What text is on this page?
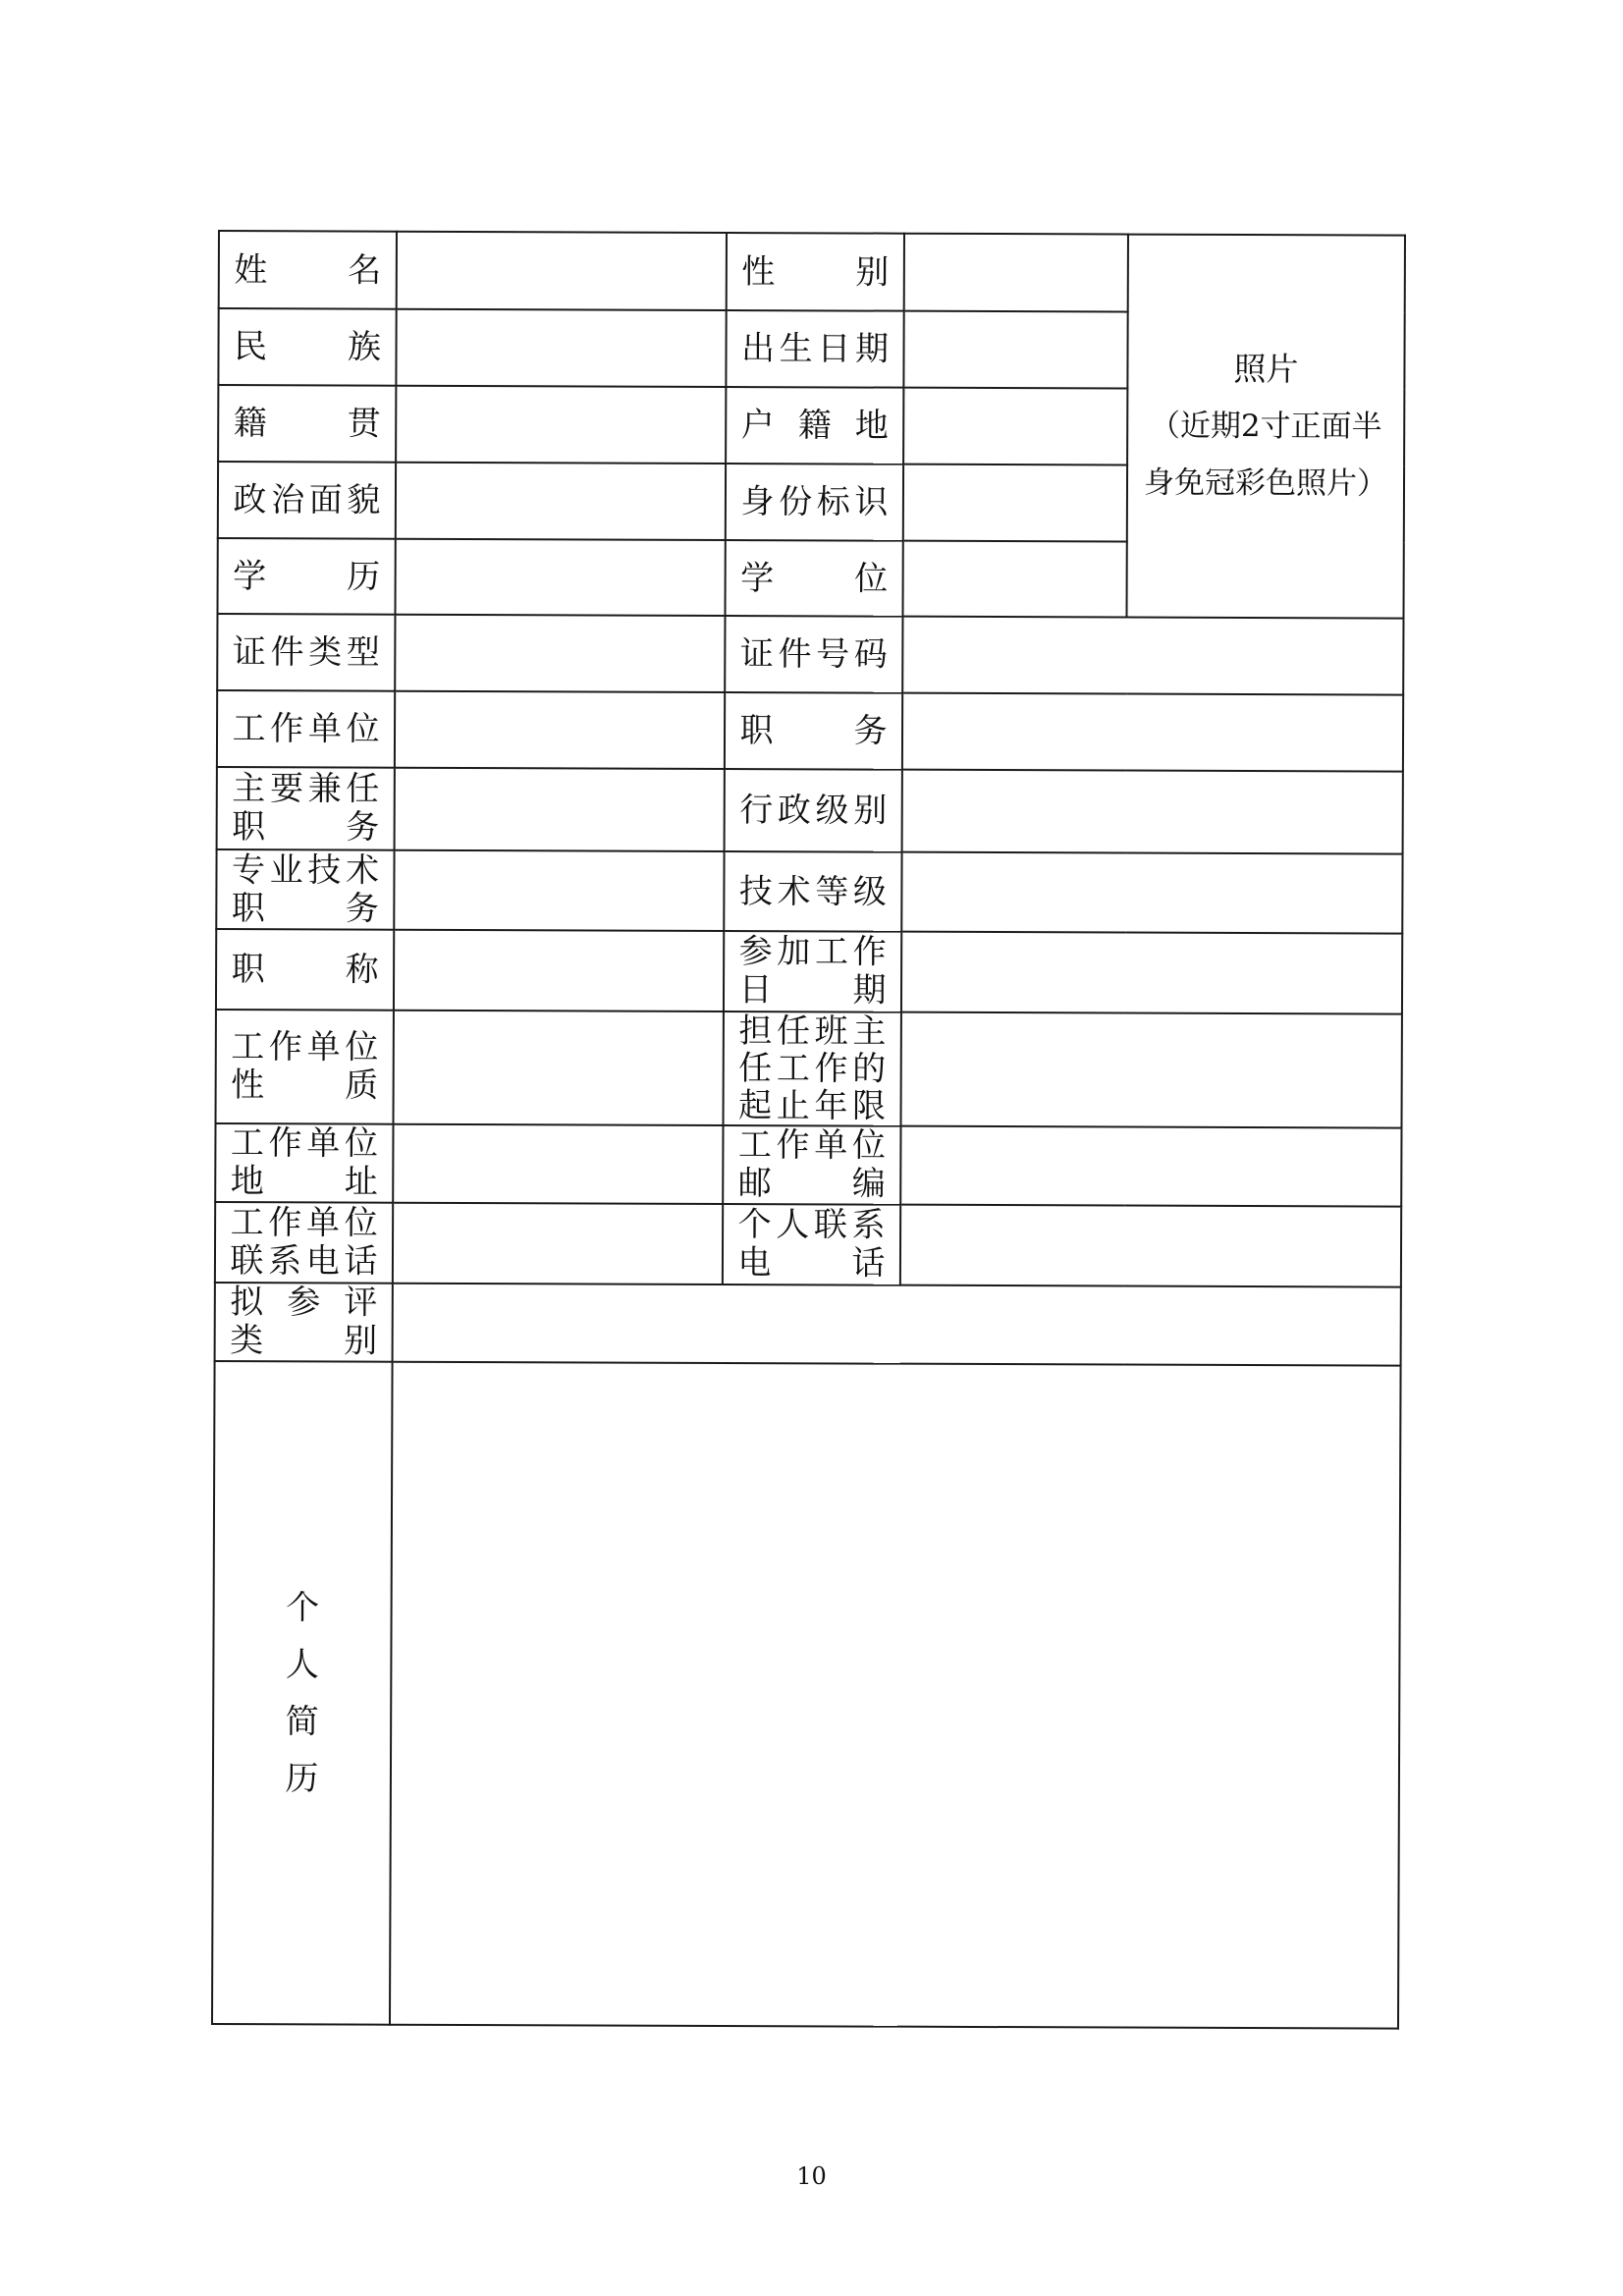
姓名		性别		照片
（近期2寸正面半
身免冠彩色照片）

民族		出生日期		

籍贯		户籍地		

政治面貌		身份标识		

学历		学位		

证件类型		证件号码		

工作单位		职务		

主要兼任
职务		行政级别		

专业技术
职务		技术等级		

职称		参加工作
日期		

工作单位
性质		担任班主
任工作的
起止年限		

工作单位
地址		工作单位
邮编		

工作单位
联系电话		个人联系
电话		

拟参评
类别				

个
人
简
历				

10
